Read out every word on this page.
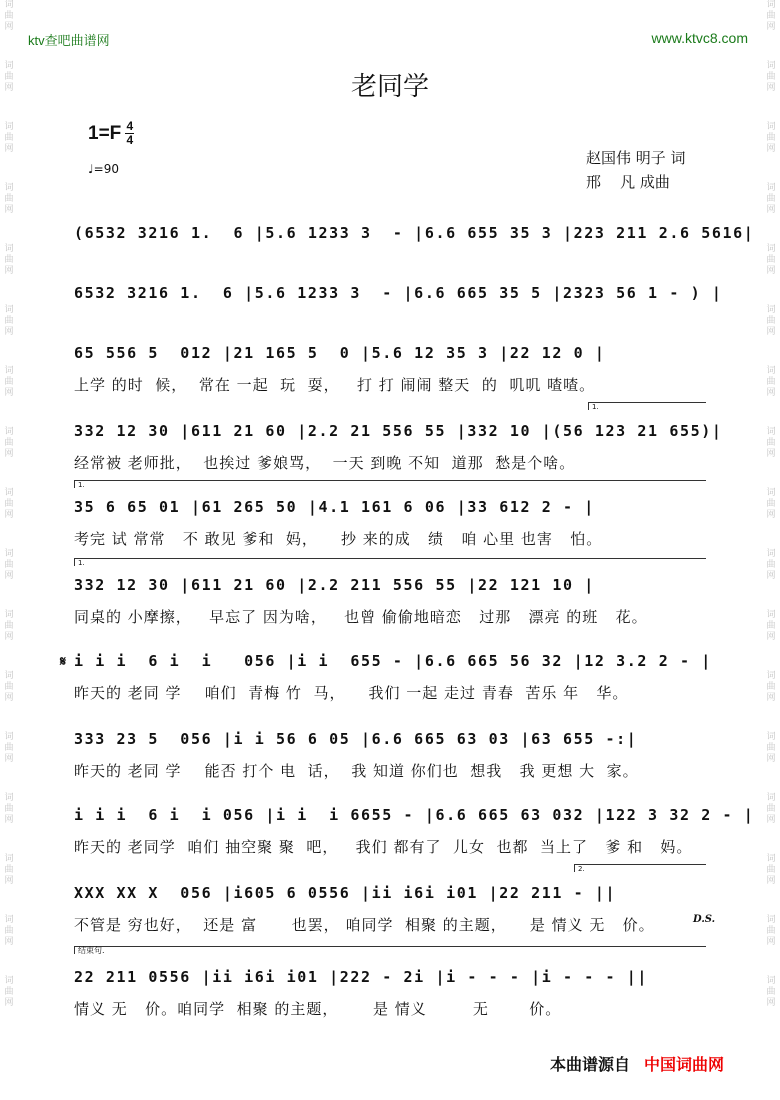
词
曲
网
词
曲
网
词
曲
网
词
曲
网
词
曲
网
词
曲
网
词
曲
网
词
曲
网
词
曲
网
词
曲
网
词
曲
网
词
曲
网
词
曲
网
词
曲
网
词
曲
网
词
曲
网
词
曲
网
词
曲
网
词
曲
网
词
曲
网
词
曲
网
词
曲
网
词
曲
网
词
曲
网
词
曲
网
词
曲
网
词
曲
网
词
曲
网
词
曲
网
词
曲
网
词
曲
网
词
曲
网
词
曲
网
词
曲
网
ktv查吧曲谱网	www.ktvc8.com
老同学
$1=F \frac{4}{4}$
♩=90
赵国伟 明子 词
邢    凡 成曲
𝄋
D.S.
(6532 3216 1.  6 |5.6 1233 3  - |6.6 655 35 3 |223 211 2.6 5616|
6532 3216 1.  6 |5.6 1233 3  - |6.6 665 35 5 |2323 56 1 - ) |
65 556 5  012 |21 165 5  0 |5.6 12 35 3 |22 12 0 |
上学 的时  候，  常在 一起  玩  耍，   打 打 闹闹 整天  的  叽叽 喳喳。
1.
332 12 30 |611 21 60 |2.2 21 556 55 |332 10 |(56 123 21 655)|
经常被 老师批，  也挨过 爹娘骂，  一天 到晚 不知  道那  愁是个啥。
1.
35 6 65 01 |61 265 50 |4.1 161 6 06 |33 612 2 - |
考完 试 常常   不 敢见 爹和  妈，    抄 来的成   绩   咱 心里 也害   怕。
1.
332 12 30 |611 21 60 |2.2 211 556 55 |22 121 10 |
同桌的 小摩擦，   早忘了 因为啥，   也曾 偷偷地暗恋   过那   漂亮 的班   花。
i i i  6 i  i   056 |i i  655 - |6.6 665 56 32 |12 3.2 2 - |
昨天的 老同 学    咱们  青梅 竹  马，    我们 一起 走过 青春  苦乐 年   华。
333 23 5  056 |i i 56 6 05 |6.6 665 63 03 |63 655 -:|
昨天的 老同 学    能否 打个 电  话，  我 知道 你们也  想我   我 更想 大  家。
i i i  6 i  i 056 |i i  i 6655 - |6.6 665 63 032 |122 3 32 2 - |
昨天的 老同学  咱们 抽空聚 聚  吧，   我们 都有了  儿女  也都  当上了   爹 和   妈。
2.
XXX XX X  056 |i605 6 0556 |ii i6i i01 |22 211 - ||
不管是 穷也好，  还是 富      也罢， 咱同学  相聚 的主题，    是 情义 无   价。
结束句.
22 211 0556 |ii i6i i01 |222 - 2i |i - - - |i - - - ||
情义 无   价。咱同学  相聚 的主题，      是 情义        无       价。
本曲谱源自 中国词曲网
